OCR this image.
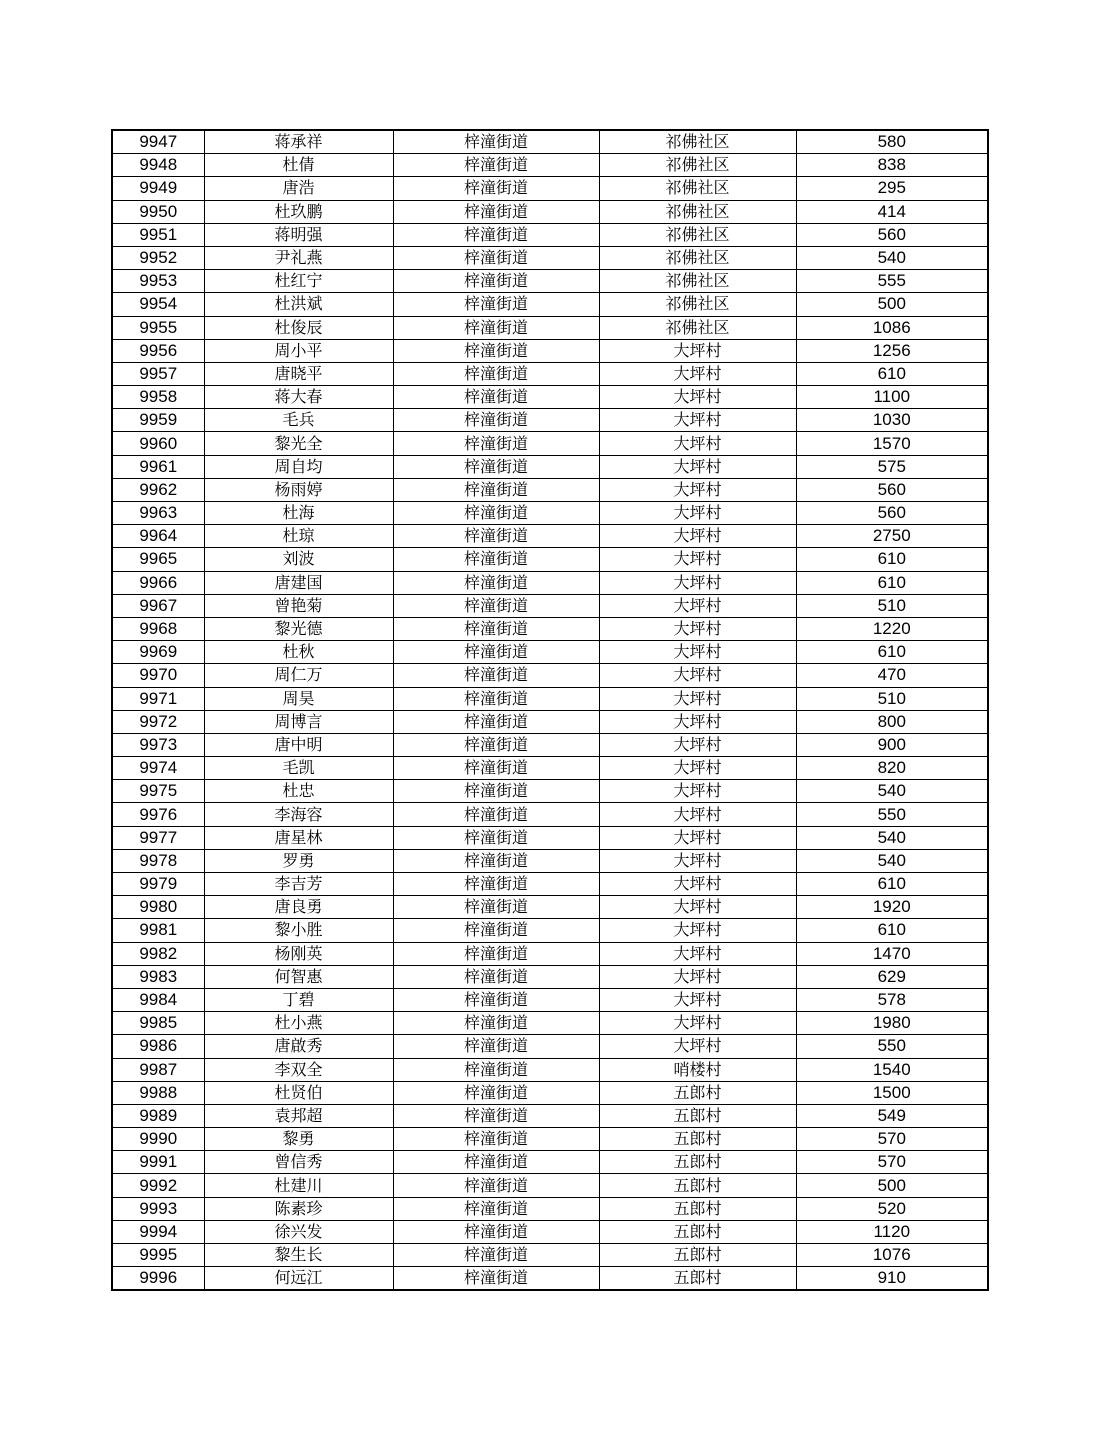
9947	蒋承祥	梓潼街道	祁佛社区	580
9948	杜倩	梓潼街道	祁佛社区	838
9949	唐浩	梓潼街道	祁佛社区	295
9950	杜玖鹏	梓潼街道	祁佛社区	414
9951	蒋明强	梓潼街道	祁佛社区	560
9952	尹礼燕	梓潼街道	祁佛社区	540
9953	杜红宁	梓潼街道	祁佛社区	555
9954	杜洪斌	梓潼街道	祁佛社区	500
9955	杜俊辰	梓潼街道	祁佛社区	1086
9956	周小平	梓潼街道	大坪村	1256
9957	唐晓平	梓潼街道	大坪村	610
9958	蒋大春	梓潼街道	大坪村	1100
9959	毛兵	梓潼街道	大坪村	1030
9960	黎光全	梓潼街道	大坪村	1570
9961	周自均	梓潼街道	大坪村	575
9962	杨雨婷	梓潼街道	大坪村	560
9963	杜海	梓潼街道	大坪村	560
9964	杜琼	梓潼街道	大坪村	2750
9965	刘波	梓潼街道	大坪村	610
9966	唐建国	梓潼街道	大坪村	610
9967	曾艳菊	梓潼街道	大坪村	510
9968	黎光德	梓潼街道	大坪村	1220
9969	杜秋	梓潼街道	大坪村	610
9970	周仁万	梓潼街道	大坪村	470
9971	周昊	梓潼街道	大坪村	510
9972	周博言	梓潼街道	大坪村	800
9973	唐中明	梓潼街道	大坪村	900
9974	毛凯	梓潼街道	大坪村	820
9975	杜忠	梓潼街道	大坪村	540
9976	李海容	梓潼街道	大坪村	550
9977	唐星林	梓潼街道	大坪村	540
9978	罗勇	梓潼街道	大坪村	540
9979	李吉芳	梓潼街道	大坪村	610
9980	唐良勇	梓潼街道	大坪村	1920
9981	黎小胜	梓潼街道	大坪村	610
9982	杨刚英	梓潼街道	大坪村	1470
9983	何智惠	梓潼街道	大坪村	629
9984	丁碧	梓潼街道	大坪村	578
9985	杜小燕	梓潼街道	大坪村	1980
9986	唐啟秀	梓潼街道	大坪村	550
9987	李双全	梓潼街道	哨楼村	1540
9988	杜贤伯	梓潼街道	五郎村	1500
9989	袁邦超	梓潼街道	五郎村	549
9990	黎勇	梓潼街道	五郎村	570
9991	曾信秀	梓潼街道	五郎村	570
9992	杜建川	梓潼街道	五郎村	500
9993	陈素珍	梓潼街道	五郎村	520
9994	徐兴发	梓潼街道	五郎村	1120
9995	黎生长	梓潼街道	五郎村	1076
9996	何远江	梓潼街道	五郎村	910
